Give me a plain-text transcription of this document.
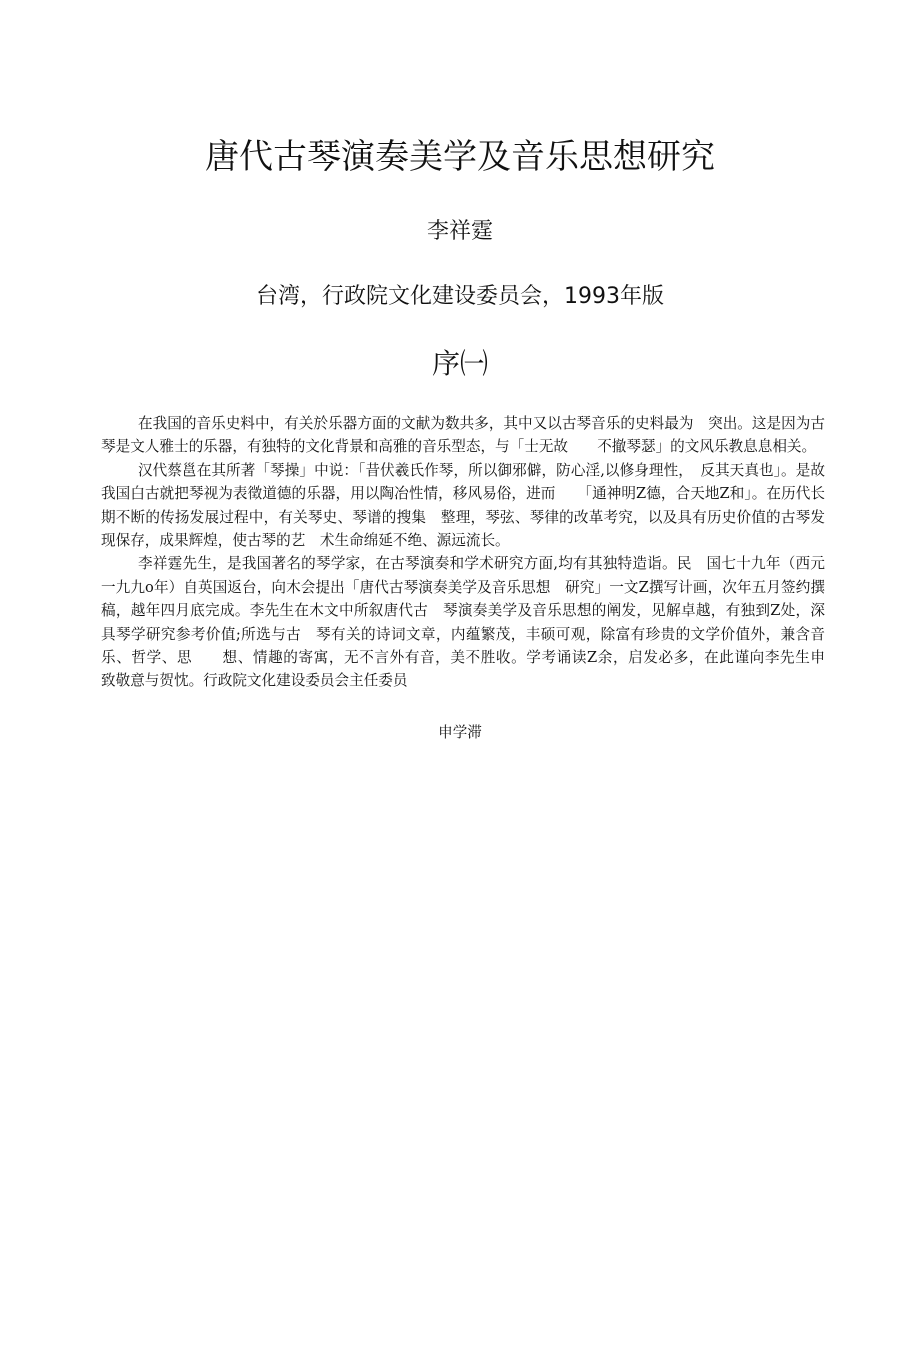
唐代古琴演奏美学及音乐思想研究
李祥霆
台湾，行政院文化建设委员会，1993年版
序㈠

在我国的音乐史料中，有关於乐器方面的文献为数共多，其中又以古琴音乐的史料最为　突出。这是因为古琴是文人雅士的乐器，有独特的文化背景和高雅的音乐型态，与「士无故　　不撤琴瑟」的文风乐教息息相关。

汉代蔡邕在其所著「琴操」中说：「昔伏羲氏作琴，所以御邪僻，防心淫,以修身理性，　反其天真也」。是故我国白古就把琴视为表徵道德的乐器，用以陶冶性情，移风易俗，进而　　「通神明Z德，合天地Z和」。在历代长期不断的传扬发展过程中，有关琴史、琴谱的搜集　整理，琴弦、琴律的改革考究，以及具有历史价值的古琴发现保存，成果辉煌，使古琴的艺　术生命绵延不绝、源远流长。

李祥霆先生，是我国著名的琴学家，在古琴演奏和学术研究方面,均有其独特造诣。民　国七十九年（西元一九九o年）自英国返台，向木会提出「唐代古琴演奏美学及音乐思想　研究」一文Z撰写计画，次年五月签约撰稿，越年四月底完成。李先生在木文中所叙唐代古　琴演奏美学及音乐思想的阐发，见解卓越，有独到Z处，深具琴学研究参考价值;所选与古　琴有关的诗词文章，内蕴繁茂，丰硕可观，除富有珍贵的文学价值外，兼含音乐、哲学、思　　想、情趣的寄寓，无不言外有音，美不胜收。学考诵读Z余，启发必多，在此谨向李先生申　致敬意与贺忱。行政院文化建设委员会主任委员

申学滞
